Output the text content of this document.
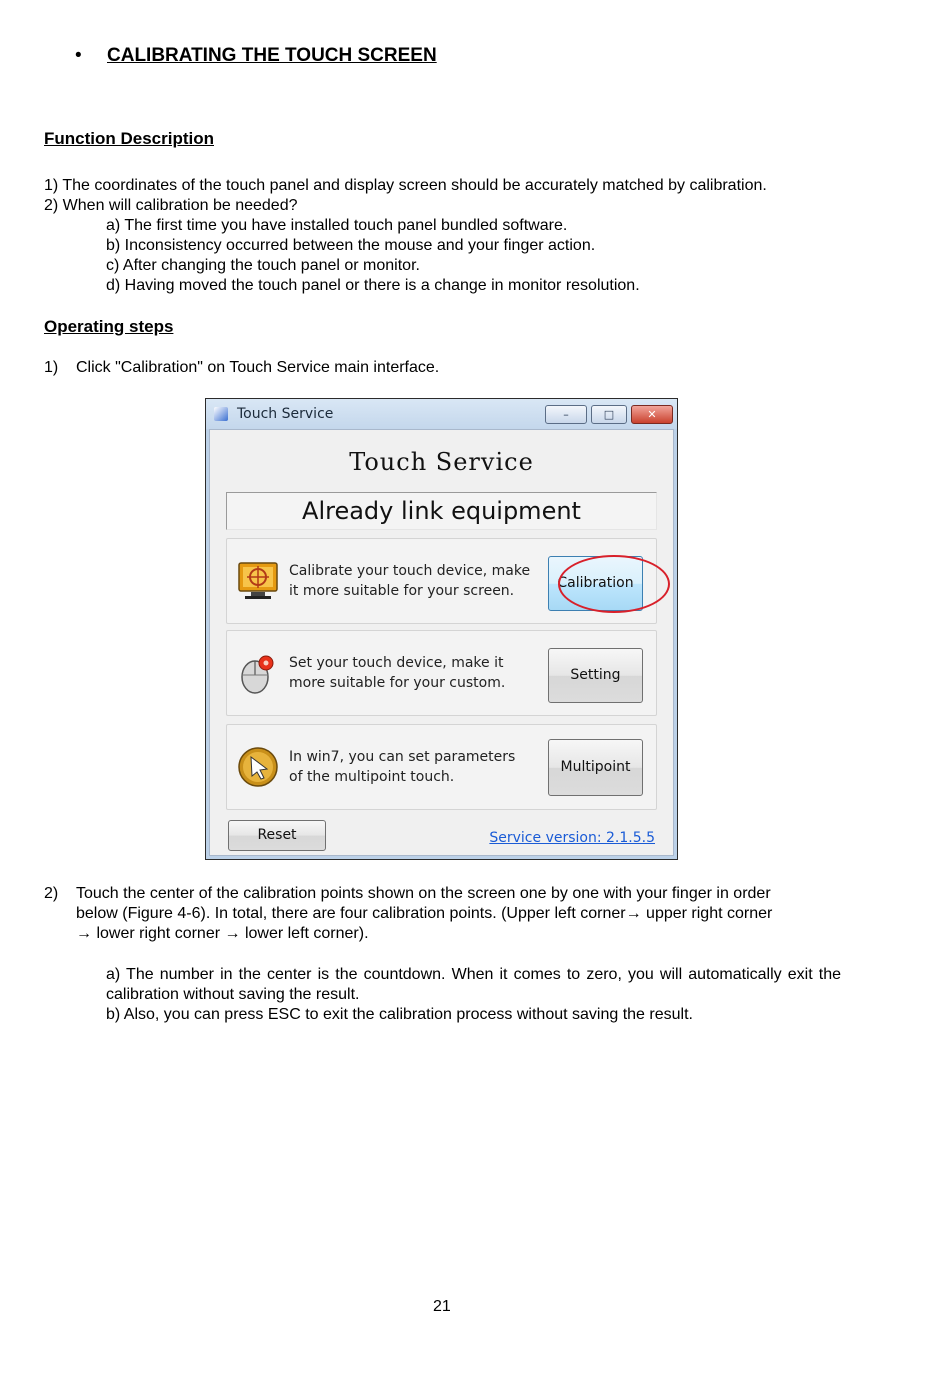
• CALIBRATING THE TOUCH SCREEN
Function Description
1) The coordinates of the touch panel and display screen should be accurately matched by calibration.
2) When will calibration be needed?
a) The first time you have installed touch panel bundled software.
b) Inconsistency occurred between the mouse and your finger action.
c) After changing the touch panel or monitor.
d) Having moved the touch panel or there is a change in monitor resolution.
Operating steps
1) Click "Calibration" on Touch Service main interface.
Touch Service	–	□	✕
Touch Service
Already link equipment
Calibrate your touch device, make
it more suitable for your screen.	Calibration
Set your touch device, make it
more suitable for your custom.	Setting
In win7, you can set parameters
of the multipoint touch.
Multipoint
Reset	Service version: 2.1.5.5
2) Touch the center of the calibration points shown on the screen one by one with your finger in order
below (Figure 4-6). In total, there are four calibration points. (Upper left corner→ upper right corner
→ lower right corner → lower left corner).
a) The number in the center is the countdown. When it comes to zero, you will automatically exit the calibration without saving the result.
b) Also, you can press ESC to exit the calibration process without saving the result.
21
